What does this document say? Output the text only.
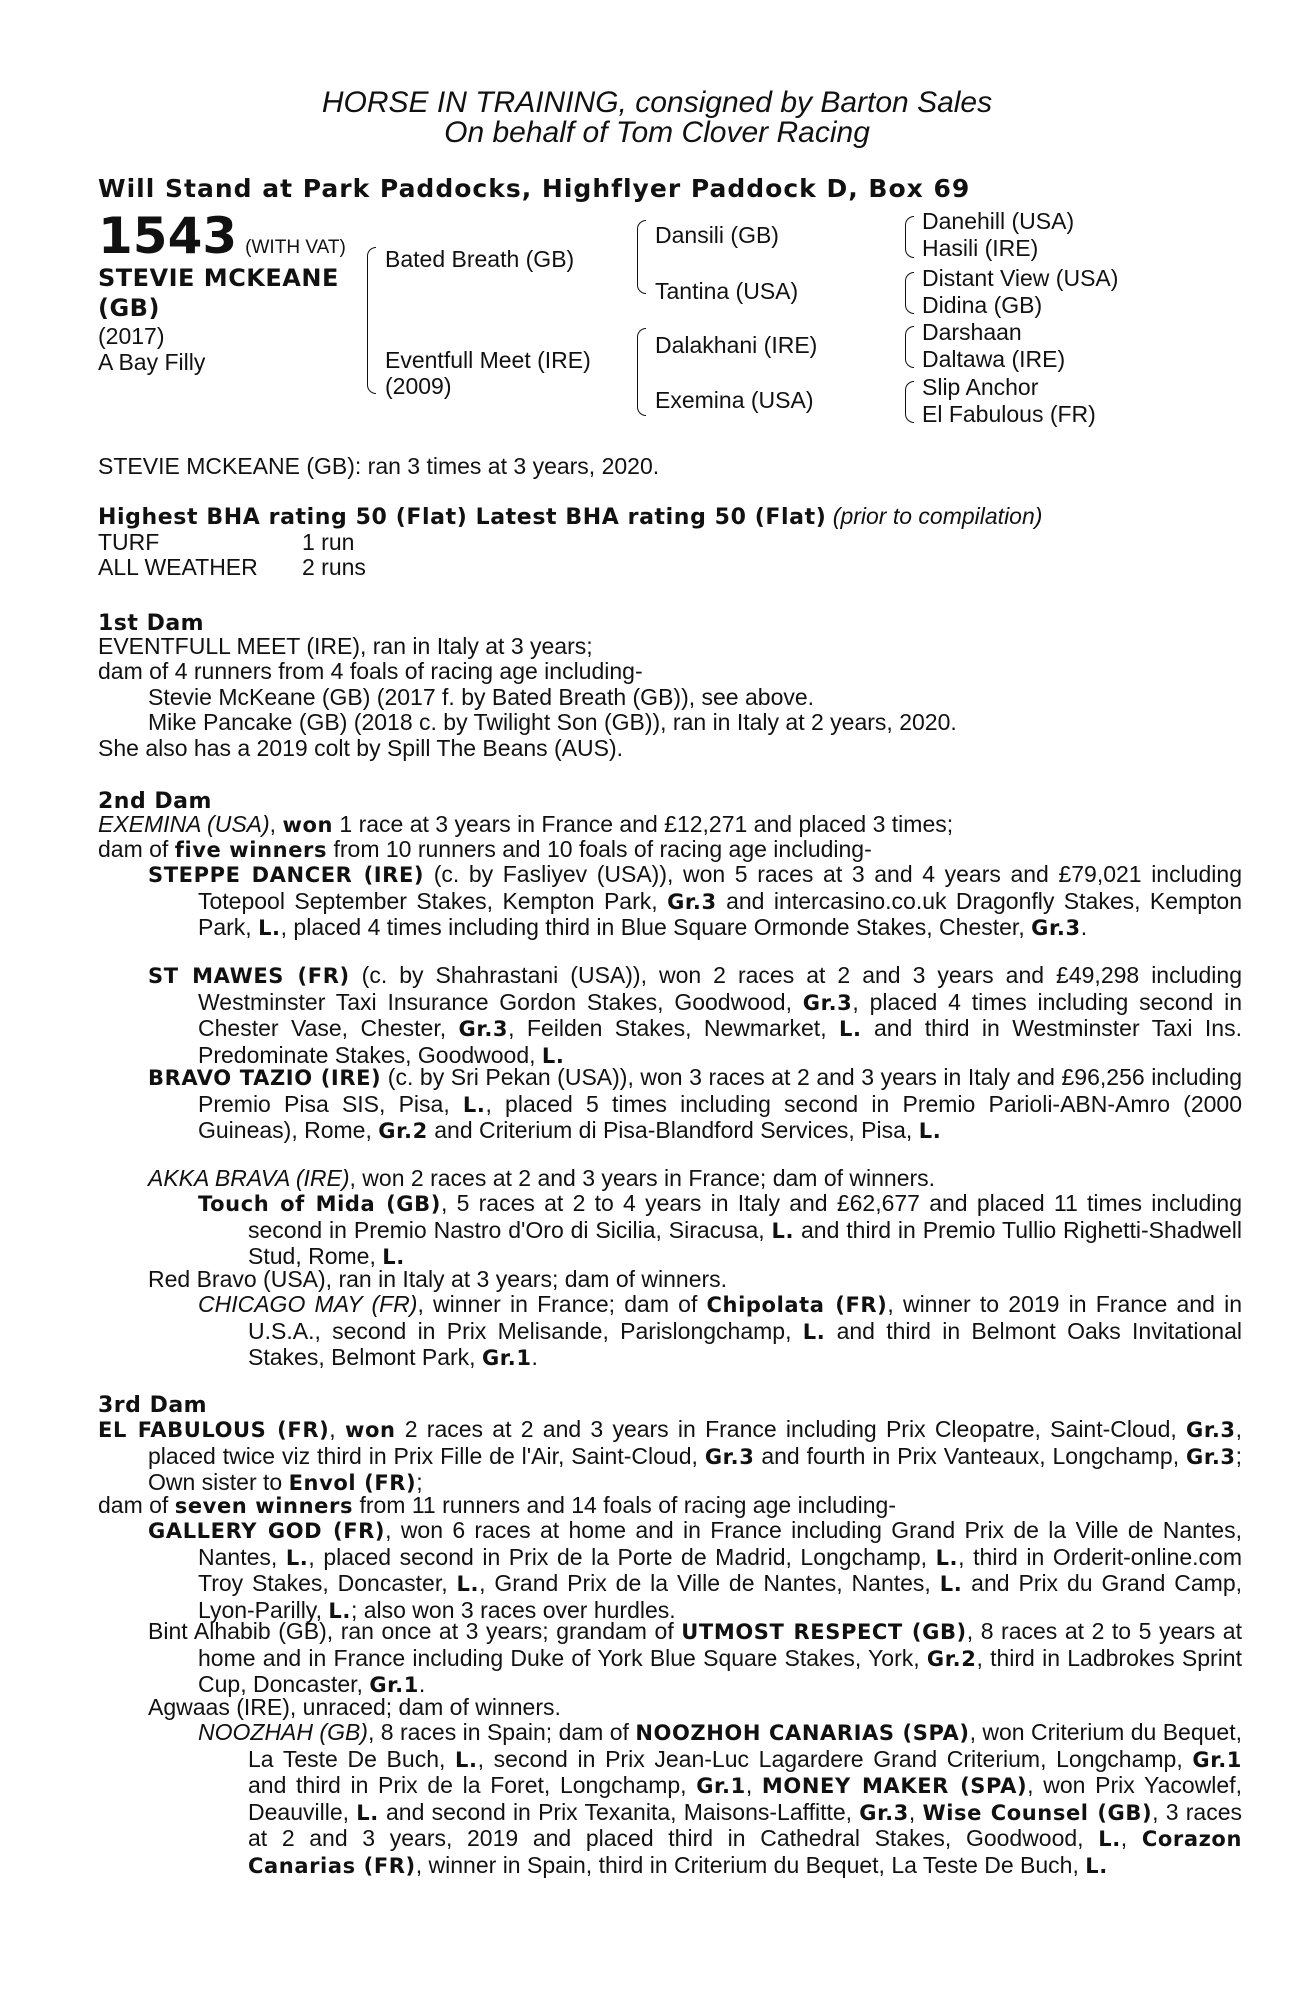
HORSE IN TRAINING, consigned by Barton Sales
On behalf of Tom Clover Racing
Will Stand at Park Paddocks, Highflyer Paddock D, Box 69
1543 (WITH VAT)
STEVIE MCKEANE
(GB)
(2017)
A Bay Filly
Bated Breath (GB)
Eventfull Meet (IRE)
(2009)
Dansili (GB)
Tantina (USA)
Dalakhani (IRE)
Exemina (USA)
Danehill (USA)
Hasili (IRE)
Distant View (USA)
Didina (GB)
Darshaan
Daltawa (IRE)
Slip Anchor
El Fabulous (FR)
STEVIE MCKEANE (GB): ran 3 times at 3 years, 2020.
Highest BHA rating 50 (Flat) Latest BHA rating 50 (Flat) (prior to compilation)
TURF	1 run
ALL WEATHER 2 runs
1st Dam
EVENTFULL MEET (IRE), ran in Italy at 3 years;
dam of 4 runners from 4 foals of racing age including-
Stevie McKeane (GB) (2017 f. by Bated Breath (GB)), see above.
Mike Pancake (GB) (2018 c. by Twilight Son (GB)), ran in Italy at 2 years, 2020.
She also has a 2019 colt by Spill The Beans (AUS).
2nd Dam
EXEMINA (USA), won 1 race at 3 years in France and £12,271 and placed 3 times;
dam of five winners from 10 runners and 10 foals of racing age including-
STEPPE DANCER (IRE) (c. by Fasliyev (USA)), won 5 races at 3 and 4 years and £79,021 including Totepool September Stakes, Kempton Park, Gr.3 and intercasino.co.uk Dragonfly Stakes, Kempton Park, L., placed 4 times including third in Blue Square Ormonde Stakes, Chester, Gr.3.
ST MAWES (FR) (c. by Shahrastani (USA)), won 2 races at 2 and 3 years and £49,298 including Westminster Taxi Insurance Gordon Stakes, Goodwood, Gr.3, placed 4 times including second in Chester Vase, Chester, Gr.3, Feilden Stakes, Newmarket, L. and third in Westminster Taxi Ins. Predominate Stakes, Goodwood, L.
BRAVO TAZIO (IRE) (c. by Sri Pekan (USA)), won 3 races at 2 and 3 years in Italy and £96,256 including Premio Pisa SIS, Pisa, L., placed 5 times including second in Premio Parioli-ABN-Amro (2000 Guineas), Rome, Gr.2 and Criterium di Pisa-Blandford Services, Pisa, L.
AKKA BRAVA (IRE), won 2 races at 2 and 3 years in France; dam of winners.
Touch of Mida (GB), 5 races at 2 to 4 years in Italy and £62,677 and placed 11 times including second in Premio Nastro d'Oro di Sicilia, Siracusa, L. and third in Premio Tullio Righetti-Shadwell Stud, Rome, L.
Red Bravo (USA), ran in Italy at 3 years; dam of winners.
CHICAGO MAY (FR), winner in France; dam of Chipolata (FR), winner to 2019 in France and in U.S.A., second in Prix Melisande, Parislongchamp, L. and third in Belmont Oaks Invitational Stakes, Belmont Park, Gr.1.
3rd Dam
EL FABULOUS (FR), won 2 races at 2 and 3 years in France including Prix Cleopatre, Saint-Cloud, Gr.3, placed twice viz third in Prix Fille de l'Air, Saint-Cloud, Gr.3 and fourth in Prix Vanteaux, Longchamp, Gr.3; Own sister to Envol (FR);
dam of seven winners from 11 runners and 14 foals of racing age including-
GALLERY GOD (FR), won 6 races at home and in France including Grand Prix de la Ville de Nantes, Nantes, L., placed second in Prix de la Porte de Madrid, Longchamp, L., third in Orderit-online.com Troy Stakes, Doncaster, L., Grand Prix de la Ville de Nantes, Nantes, L. and Prix du Grand Camp, Lyon-Parilly, L.; also won 3 races over hurdles.
Bint Alhabib (GB), ran once at 3 years; grandam of UTMOST RESPECT (GB), 8 races at 2 to 5 years at home and in France including Duke of York Blue Square Stakes, York, Gr.2, third in Ladbrokes Sprint Cup, Doncaster, Gr.1.
Agwaas (IRE), unraced; dam of winners.
NOOZHAH (GB), 8 races in Spain; dam of NOOZHOH CANARIAS (SPA), won Criterium du Bequet, La Teste De Buch, L., second in Prix Jean-Luc Lagardere Grand Criterium, Longchamp, Gr.1 and third in Prix de la Foret, Longchamp, Gr.1, MONEY MAKER (SPA), won Prix Yacowlef, Deauville, L. and second in Prix Texanita, Maisons-Laffitte, Gr.3, Wise Counsel (GB), 3 races at 2 and 3 years, 2019 and placed third in Cathedral Stakes, Goodwood, L., Corazon Canarias (FR), winner in Spain, third in Criterium du Bequet, La Teste De Buch, L.
